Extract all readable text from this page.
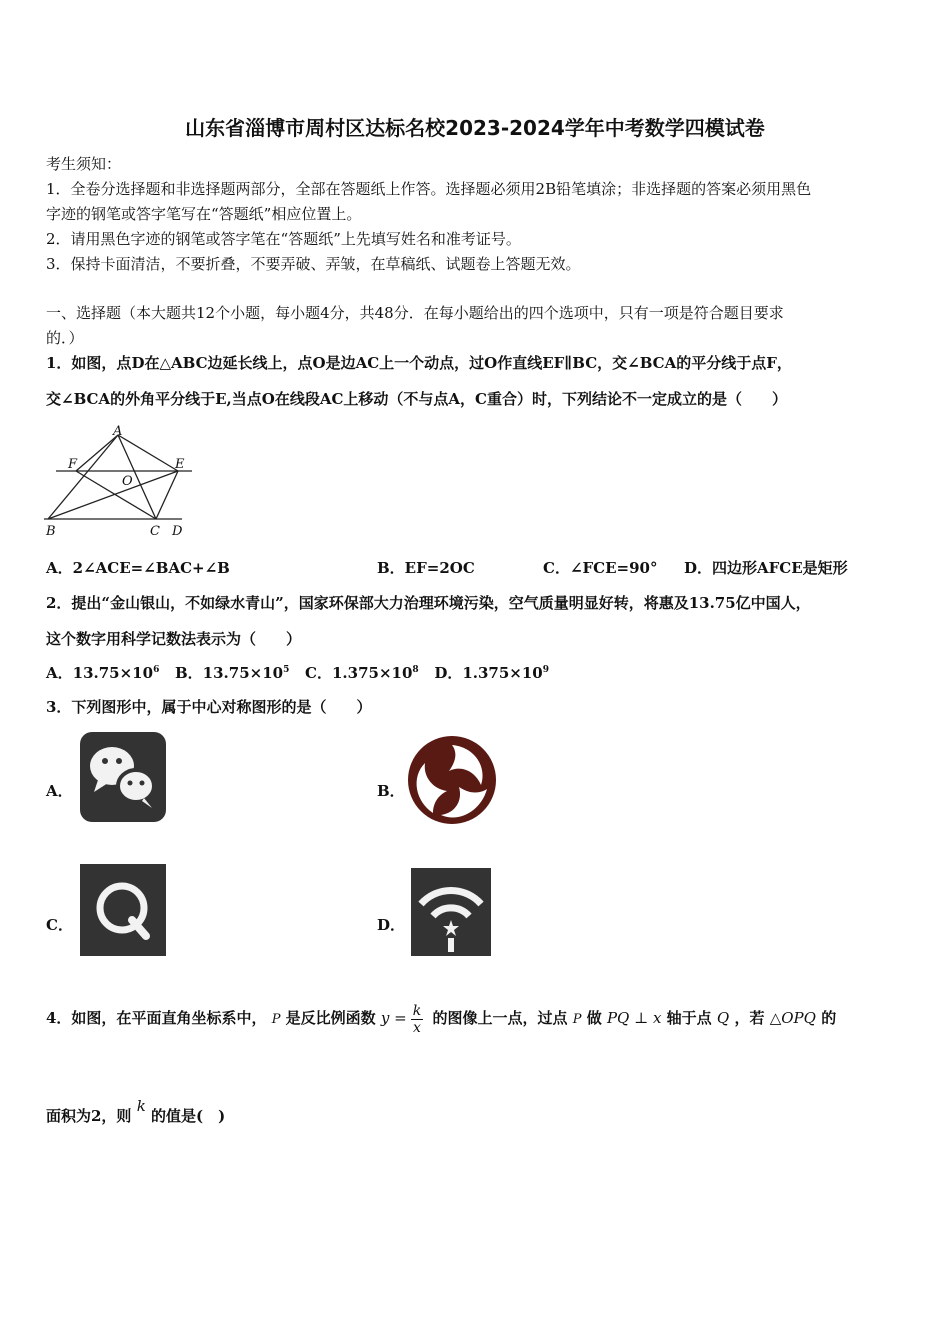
山东省淄博市周村区达标名校2023-2024学年中考数学四模试卷
考生须知：
1．全卷分选择题和非选择题两部分，全部在答题纸上作答。选择题必须用2B铅笔填涂；非选择题的答案必须用黑色
字迹的钢笔或答字笔写在“答题纸”相应位置上。
2．请用黑色字迹的钢笔或答字笔在“答题纸”上先填写姓名和准考证号。
3．保持卡面清洁，不要折叠，不要弄破、弄皱，在草稿纸、试题卷上答题无效。
一、选择题（本大题共12个小题，每小题4分，共48分．在每小题给出的四个选项中，只有一项是符合题目要求
的．）
1．如图，点D在△ABC边延长线上，点O是边AC上一个动点，过O作直线EF∥BC，交∠BCA的平分线于点F，
交∠BCA的外角平分线于E,当点O在线段AC上移动（不与点A，C重合）时，下列结论不一定成立的是（　　）
A
B	C D
E
F
O
A．2∠ACE=∠BAC+∠B	B．EF=2OC	C．∠FCE=90° D．四边形AFCE是矩形
2．提出“金山银山，不如绿水青山”，国家环保部大力治理环境污染，空气质量明显好转，将惠及13.75亿中国人，
这个数字用科学记数法表示为（　　）
A．$13.75\times 10^6$ B．$13.75\times 10^5$ C．$1.375\times 10^8$ D．$1.375\times 10^9$
3．下列图形中，属于中心对称图形的是（　　）
A．	B．
C．	D．
4．如图，在平面直角坐标系中， P 是反比例函数 $y = \frac{k}{x}$ 的图像上一点，过点 P 做 PQ ⊥ x 轴于点 Q ，若 △OPQ 的
面积为2，则 k 的值是(　)
